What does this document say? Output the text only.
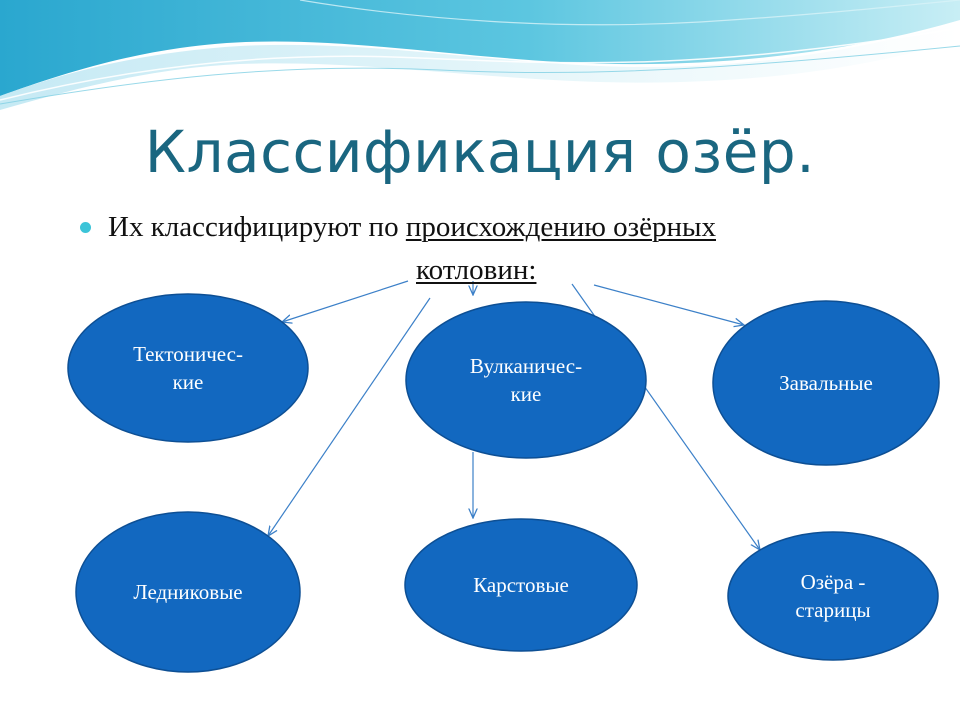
Классификация озёр.
Их классифицируют по происхождению озёрных
котловин:
Тектоничес-
кие
Вулканичес-
кие	Завальные
Ледниковые	Карстовые	Озёра -
старицы
